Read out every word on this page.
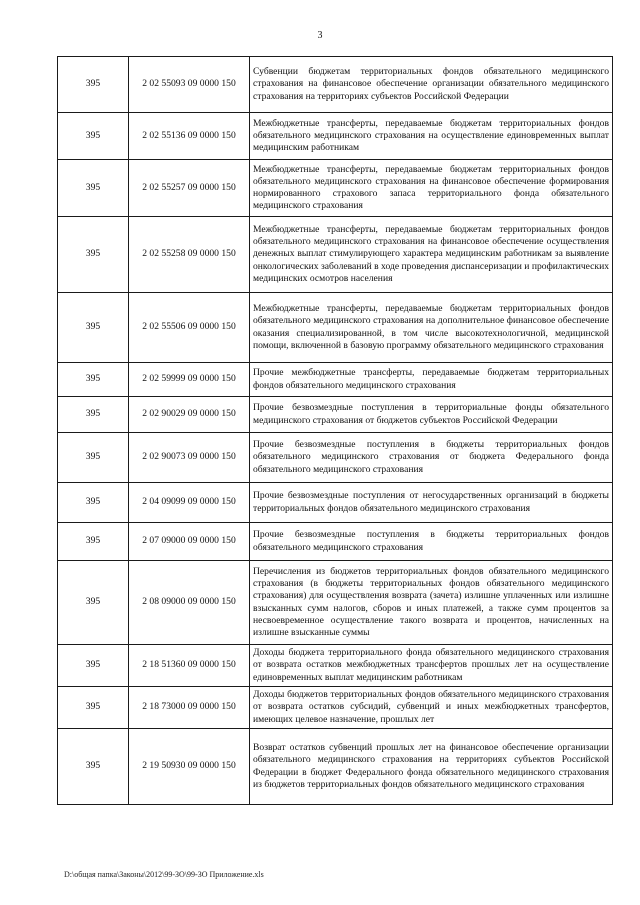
3
395	2 02 55093 09 0000 150	Субвенции бюджетам территориальных фондов обязательного медицинского страхования на финансовое обеспечение организации обязательного медицинского страхования на территориях субъектов Российской Федерации
395	2 02 55136 09 0000 150	Межбюджетные трансферты, передаваемые бюджетам территориальных фондов обязательного медицинского страхования на осуществление единовременных выплат медицинским работникам
395	2 02 55257 09 0000 150	Межбюджетные трансферты, передаваемые бюджетам территориальных фондов обязательного медицинского страхования на финансовое обеспечение формирования нормированного страхового запаса территориального фонда обязательного медицинского страхования
395	2 02 55258 09 0000 150	Межбюджетные трансферты, передаваемые бюджетам территориальных фондов обязательного медицинского страхования на финансовое обеспечение осуществления денежных выплат стимулирующего характера медицинским работникам за выявление онкологических заболеваний в ходе проведения диспансеризации и профилактических медицинских осмотров населения
395	2 02 55506 09 0000 150	Межбюджетные трансферты, передаваемые бюджетам территориальных фондов обязательного медицинского страхования на дополнительное финансовое обеспечение оказания специализированной, в том числе высокотехнологичной, медицинской помощи, включенной в базовую программу обязательного медицинского страхования
395	2 02 59999 09 0000 150	Прочие межбюджетные трансферты, передаваемые бюджетам территориальных фондов обязательного медицинского страхования
395	2 02 90029 09 0000 150	Прочие безвозмездные поступления в территориальные фонды обязательного медицинского страхования от бюджетов субъектов Российской Федерации
395	2 02 90073 09 0000 150	Прочие безвозмездные поступления в бюджеты территориальных фондов обязательного медицинского страхования от бюджета Федерального фонда обязательного медицинского страхования
395	2 04 09099 09 0000 150	Прочие безвозмездные поступления от негосударственных организаций в бюджеты территориальных фондов обязательного медицинского страхования
395	2 07 09000 09 0000 150	Прочие безвозмездные поступления в бюджеты территориальных фондов обязательного медицинского страхования
395	2 08 09000 09 0000 150	Перечисления из бюджетов территориальных фондов обязательного медицинского страхования (в бюджеты территориальных фондов обязательного медицинского страхования) для осуществления возврата (зачета) излишне уплаченных или излишне взысканных сумм налогов, сборов и иных платежей, а также сумм процентов за несвоевременное осуществление такого возврата и процентов, начисленных на излишне взысканные суммы
395	2 18 51360 09 0000 150	Доходы бюджета территориального фонда обязательного медицинского страхования от возврата остатков межбюджетных трансфертов прошлых лет на осуществление единовременных выплат медицинским работникам
395	2 18 73000 09 0000 150	Доходы бюджетов территориальных фондов обязательного медицинского страхования от возврата остатков субсидий, субвенций и иных межбюджетных трансфертов, имеющих целевое назначение, прошлых лет
395	2 19 50930 09 0000 150	Возврат остатков субвенций прошлых лет на финансовое обеспечение организации обязательного медицинского страхования на территориях субъектов Российской Федерации в бюджет Федерального фонда обязательного медицинского страхования из бюджетов территориальных фондов обязательного медицинского страхования
D:\общая папка\Законы\2012\99-ЗО\99-ЗО Приложение.xls
